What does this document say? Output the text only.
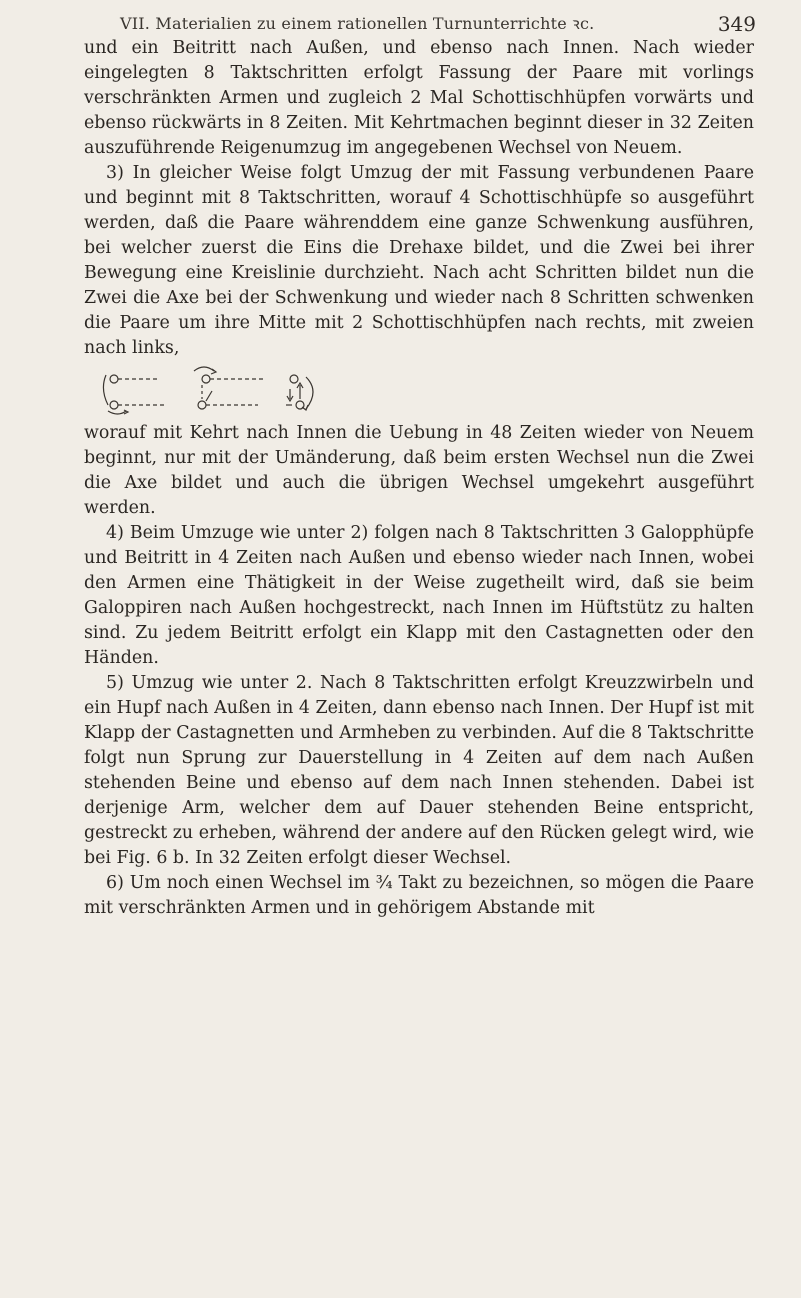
VII. Materialien zu einem rationellen Turnunterrichte ꝛc.	349

und ein Beitritt nach Außen, und ebenso nach Innen. Nach wieder eingelegten 8 Taktschritten erfolgt Fassung der Paare mit vorlings verschränkten Armen und zugleich 2 Mal Schottischhüpfen vorwärts und ebenso rückwärts in 8 Zeiten. Mit Kehrtmachen beginnt dieser in 32 Zeiten auszuführende Reigenumzug im angegebenen Wechsel von Neuem.

3) In gleicher Weise folgt Umzug der mit Fassung verbundenen Paare und beginnt mit 8 Taktschritten, worauf 4 Schottischhüpfe so ausgeführt werden, daß die Paare währenddem eine ganze Schwenkung ausführen, bei welcher zuerst die Eins die Drehaxe bildet, und die Zwei bei ihrer Bewegung eine Kreislinie durchzieht. Nach acht Schritten bildet nun die Zwei die Axe bei der Schwenkung und wieder nach 8 Schritten schwenken die Paare um ihre Mitte mit 2 Schottischhüpfen nach rechts, mit zweien nach links,

worauf mit Kehrt nach Innen die Uebung in 48 Zeiten wieder von Neuem beginnt, nur mit der Umänderung, daß beim ersten Wechsel nun die Zwei die Axe bildet und auch die übrigen Wechsel umgekehrt ausgeführt werden.

4) Beim Umzuge wie unter 2) folgen nach 8 Taktschritten 3 Galopphüpfe und Beitritt in 4 Zeiten nach Außen und ebenso wieder nach Innen, wobei den Armen eine Thätigkeit in der Weise zugetheilt wird, daß sie beim Galoppiren nach Außen hochgestreckt, nach Innen im Hüftstütz zu halten sind. Zu jedem Beitritt erfolgt ein Klapp mit den Castagnetten oder den Händen.

5) Umzug wie unter 2. Nach 8 Taktschritten erfolgt Kreuzzwirbeln und ein Hupf nach Außen in 4 Zeiten, dann ebenso nach Innen. Der Hupf ist mit Klapp der Castagnetten und Armheben zu verbinden. Auf die 8 Taktschritte folgt nun Sprung zur Dauerstellung in 4 Zeiten auf dem nach Außen stehenden Beine und ebenso auf dem nach Innen stehenden. Dabei ist derjenige Arm, welcher dem auf Dauer stehenden Beine entspricht, gestreckt zu erheben, während der andere auf den Rücken gelegt wird, wie bei Fig. 6 b. In 32 Zeiten erfolgt dieser Wechsel.

6) Um noch einen Wechsel im ¾ Takt zu bezeichnen, so mögen die Paare mit verschränkten Armen und in gehörigem Abstande mit
